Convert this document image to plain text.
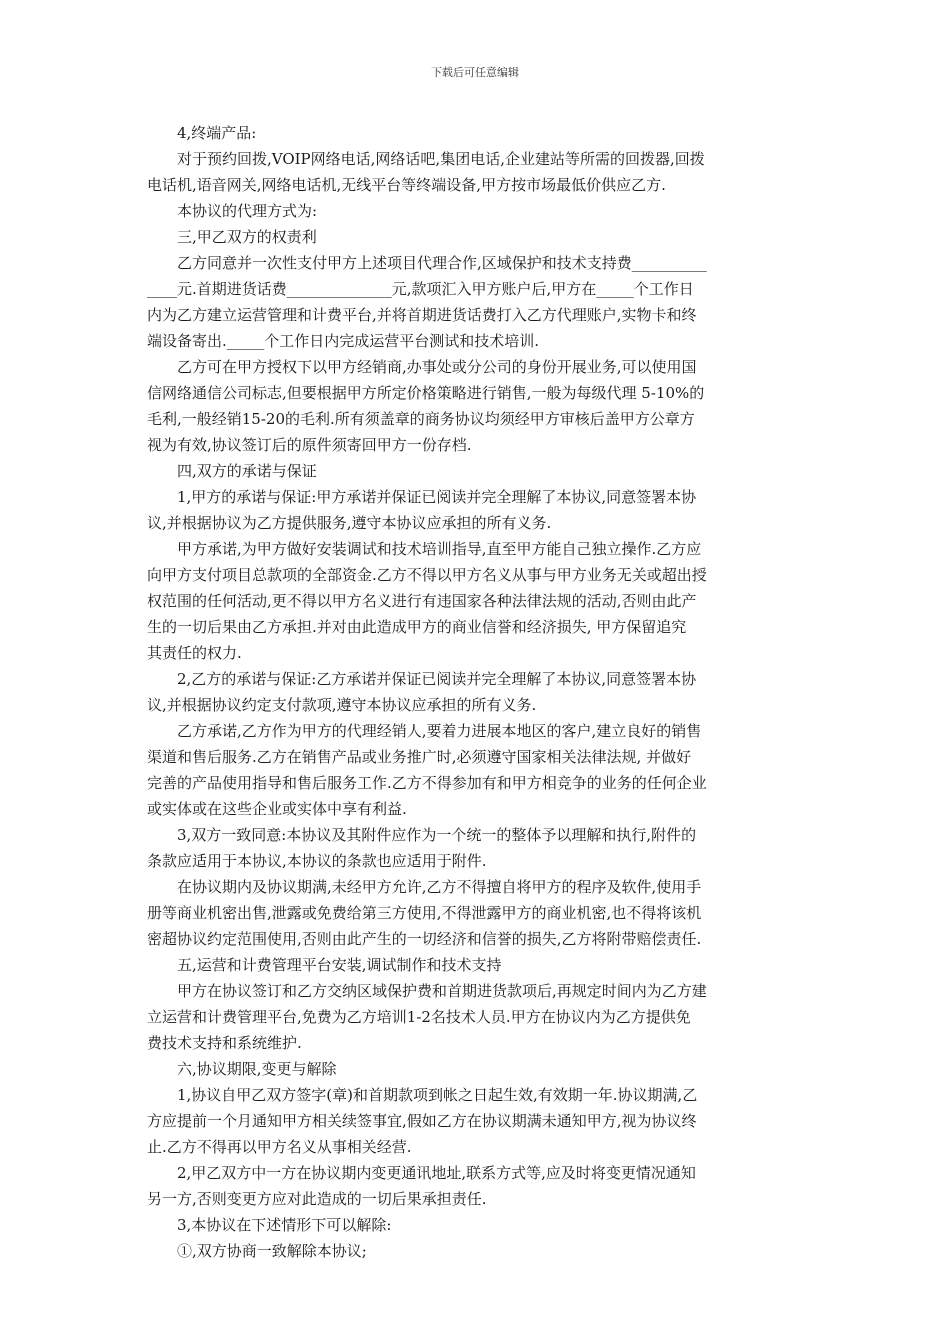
下载后可任意编辑
4,终端产品:
对于预约回拨,VOIP网络电话,网络话吧,集团电话,企业建站等所需的回拨器,回拨
电话机,语音网关,网络电话机,无线平台等终端设备,甲方按市场最低价供应乙方.
本协议的代理方式为:
三,甲乙双方的权责利
乙方同意并一次性支付甲方上述项目代理合作,区域保护和技术支持费__________
____元.首期进货话费______________元,款项汇入甲方账户后,甲方在_____个工作日
内为乙方建立运营管理和计费平台,并将首期进货话费打入乙方代理账户,实物卡和终
端设备寄出._____个工作日内完成运营平台测试和技术培训.
乙方可在甲方授权下以甲方经销商,办事处或分公司的身份开展业务,可以使用国
信网络通信公司标志,但要根据甲方所定价格策略进行销售,一般为每级代理 5-10%的
毛利,一般经销15-20的毛利.所有须盖章的商务协议均须经甲方审核后盖甲方公章方
视为有效,协议签订后的原件须寄回甲方一份存档.
四,双方的承诺与保证
1,甲方的承诺与保证:甲方承诺并保证已阅读并完全理解了本协议,同意签署本协
议,并根据协议为乙方提供服务,遵守本协议应承担的所有义务.
甲方承诺,为甲方做好安装调试和技术培训指导,直至甲方能自己独立操作.乙方应
向甲方支付项目总款项的全部资金.乙方不得以甲方名义从事与甲方业务无关或超出授
权范围的任何活动,更不得以甲方名义进行有违国家各种法律法规的活动,否则由此产
生的一切后果由乙方承担.并对由此造成甲方的商业信誉和经济损失, 甲方保留追究
其责任的权力.
2,乙方的承诺与保证:乙方承诺并保证已阅读并完全理解了本协议,同意签署本协
议,并根据协议约定支付款项,遵守本协议应承担的所有义务.
乙方承诺,乙方作为甲方的代理经销人,要着力进展本地区的客户,建立良好的销售
渠道和售后服务.乙方在销售产品或业务推广时,必须遵守国家相关法律法规, 并做好
完善的产品使用指导和售后服务工作.乙方不得参加有和甲方相竞争的业务的任何企业
或实体或在这些企业或实体中享有利益.
3,双方一致同意:本协议及其附件应作为一个统一的整体予以理解和执行,附件的
条款应适用于本协议,本协议的条款也应适用于附件.
在协议期内及协议期满,未经甲方允许,乙方不得擅自将甲方的程序及软件,使用手
册等商业机密出售,泄露或免费给第三方使用,不得泄露甲方的商业机密,也不得将该机
密超协议约定范围使用,否则由此产生的一切经济和信誉的损失,乙方将附带赔偿责任.
五,运营和计费管理平台安装,调试制作和技术支持
甲方在协议签订和乙方交纳区域保护费和首期进货款项后,再规定时间内为乙方建
立运营和计费管理平台,免费为乙方培训1-2名技术人员.甲方在协议内为乙方提供免
费技术支持和系统维护.
六,协议期限,变更与解除
1,协议自甲乙双方签字(章)和首期款项到帐之日起生效,有效期一年.协议期满,乙
方应提前一个月通知甲方相关续签事宜,假如乙方在协议期满未通知甲方,视为协议终
止.乙方不得再以甲方名义从事相关经营.
2,甲乙双方中一方在协议期内变更通讯地址,联系方式等,应及时将变更情况通知
另一方,否则变更方应对此造成的一切后果承担责任.
3,本协议在下述情形下可以解除:
①,双方协商一致解除本协议;
